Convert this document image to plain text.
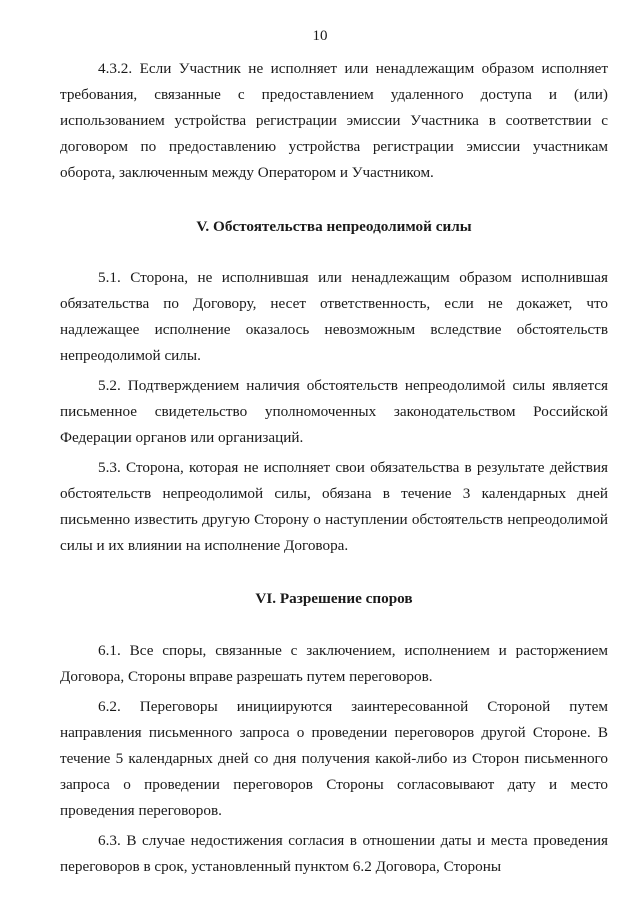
10

4.3.2. Если Участник не исполняет или ненадлежащим образом исполняет требования, связанные с предоставлением удаленного доступа и (или) использованием устройства регистрации эмиссии Участника в соответствии с договором по предоставлению устройства регистрации эмиссии участникам оборота, заключенным между Оператором и Участником.

V. Обстоятельства непреодолимой силы

5.1. Сторона, не исполнившая или ненадлежащим образом исполнившая обязательства по Договору, несет ответственность, если не докажет, что надлежащее исполнение оказалось невозможным вследствие обстоятельств непреодолимой силы.

5.2. Подтверждением наличия обстоятельств непреодолимой силы является письменное свидетельство уполномоченных законодательством Российской Федерации органов или организаций.

5.3. Сторона, которая не исполняет свои обязательства в результате действия обстоятельств непреодолимой силы, обязана в течение 3 календарных дней письменно известить другую Сторону о наступлении обстоятельств непреодолимой силы и их влиянии на исполнение Договора.

VI. Разрешение споров

6.1. Все споры, связанные с заключением, исполнением и расторжением Договора, Стороны вправе разрешать путем переговоров.

6.2. Переговоры инициируются заинтересованной Стороной путем направления письменного запроса о проведении переговоров другой Стороне. В течение 5 календарных дней со дня получения какой-либо из Сторон письменного запроса о проведении переговоров Стороны согласовывают дату и место проведения переговоров.

6.3. В случае недостижения согласия в отношении даты и места проведения переговоров в срок, установленный пунктом 6.2 Договора, Стороны
